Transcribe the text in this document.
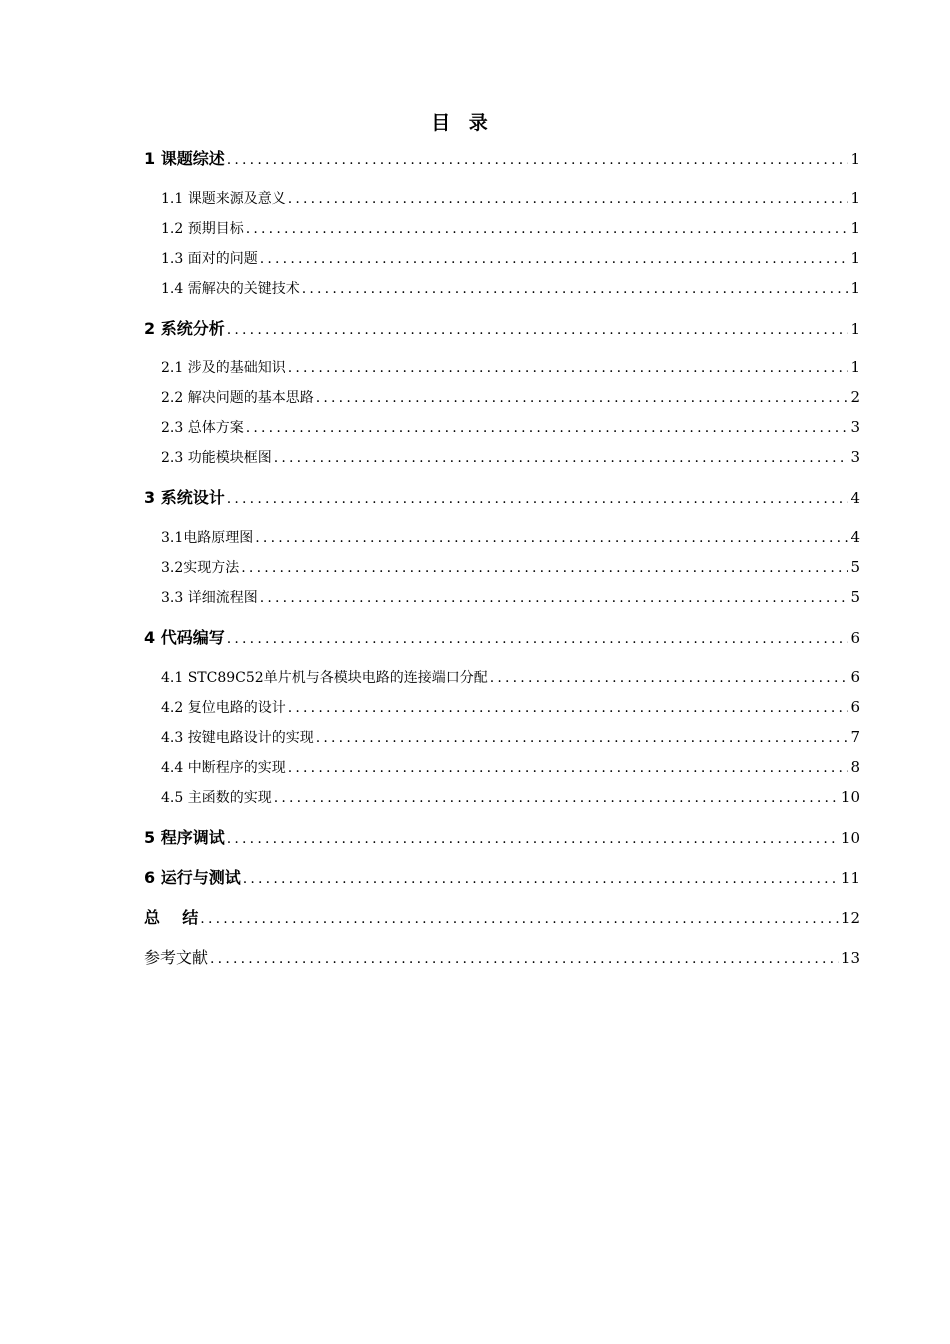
目 录
1 课题综述 .....	1
1.1 课题来源及意义 .....	1
1.2 预期目标 .....	1
1.3 面对的问题 .....	1
1.4 需解决的关键技术 .....	1
2 系统分析 .....	1
2.1 涉及的基础知识 .....	1
2.2 解决问题的基本思路 .....	2
2.3 总体方案 .....	3
2.3 功能模块框图 .....	3
3 系统设计 .....	4
3.1电路原理图 .....	4
3.2实现方法 .....	5
3.3 详细流程图 .....	5
4 代码编写 .....	6
4.1 STC89C52单片机与各模块电路的连接端口分配 .....	6
4.2 复位电路的设计 .....	6
4.3 按键电路设计的实现 .....	7
4.4 中断程序的实现 .....	8
4.5 主函数的实现 .....	10
5 程序调试 .....	10
6 运行与测试 .....	11
总    结 .....	12
参考文献 .....	13
